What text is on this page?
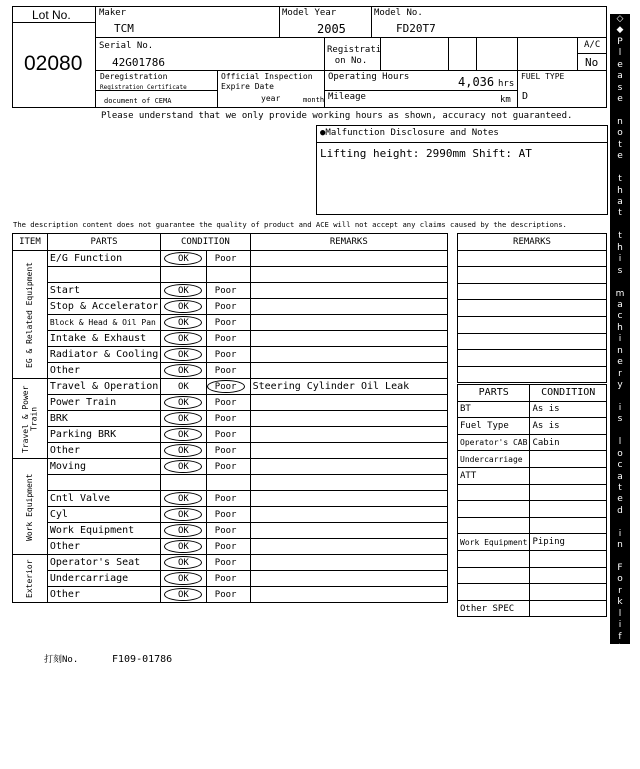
Lot No.
02080
Maker
TCM
Model Year
2005
Model No.
FD20T7
Serial No.
42G01786
Registrati on No.
A/C
No
Deregistration
Registration Certificate
document of CEMA
Official Inspection Expire Date
year	month
Operating Hours	4,036 hrs
Mileage	km
FUEL TYPE
D
Please understand that we only provide working hours as shown, accuracy not guaranteed.
●Malfunction Disclosure and Notes
Lifting height: 2990mm Shift: AT
The description content does not guarantee the quality of product and ACE will not accept any claims caused by the descriptions.
ITEM	PARTS	CONDITION		REMARKS
EG & Related Equipment	E/G Function	OK	Poor	

	Start	OK	Poor	
	Stop & Accelerator	OK	Poor	
	Block & Head & Oil Pan	OK	Poor	
	Intake & Exhaust	OK	Poor	
	Radiator & Cooling	OK	Poor	
	Other	OK	Poor	
Travel & Power Train	Travel & Operation	OK	Poor	Steering Cylinder Oil Leak
	Power Train	OK	Poor	
	BRK	OK	Poor	
	Parking BRK	OK	Poor	
	Other	OK	Poor	
Work Equipment	Moving	OK	Poor	

	Cntl Valve	OK	Poor	
	Cyl	OK	Poor	
	Work Equipment	OK	Poor	
	Other	OK	Poor	
Exterior	Operator's Seat	OK	Poor	
	Undercarriage	OK	Poor	
	Other	OK	Poor	
REMARKS

PARTS	CONDITION
BT	As is
Fuel Type	As is
Operator's CAB	Cabin
Undercarriage	
ATT	

Work Equipment	Piping

Other SPEC	
◇
◆
P
l
e
a
s
e

n
o
t
e

t
h
a
t

t
h
i
s

m
a
c
h
i
n
e
r
y

i
s

l
o
c
a
t
e
d

i
n

F
o
r
k
l
i
f
t

P
a
r
k
i
n
g
◆
◇
打刻No.	F109-01786
